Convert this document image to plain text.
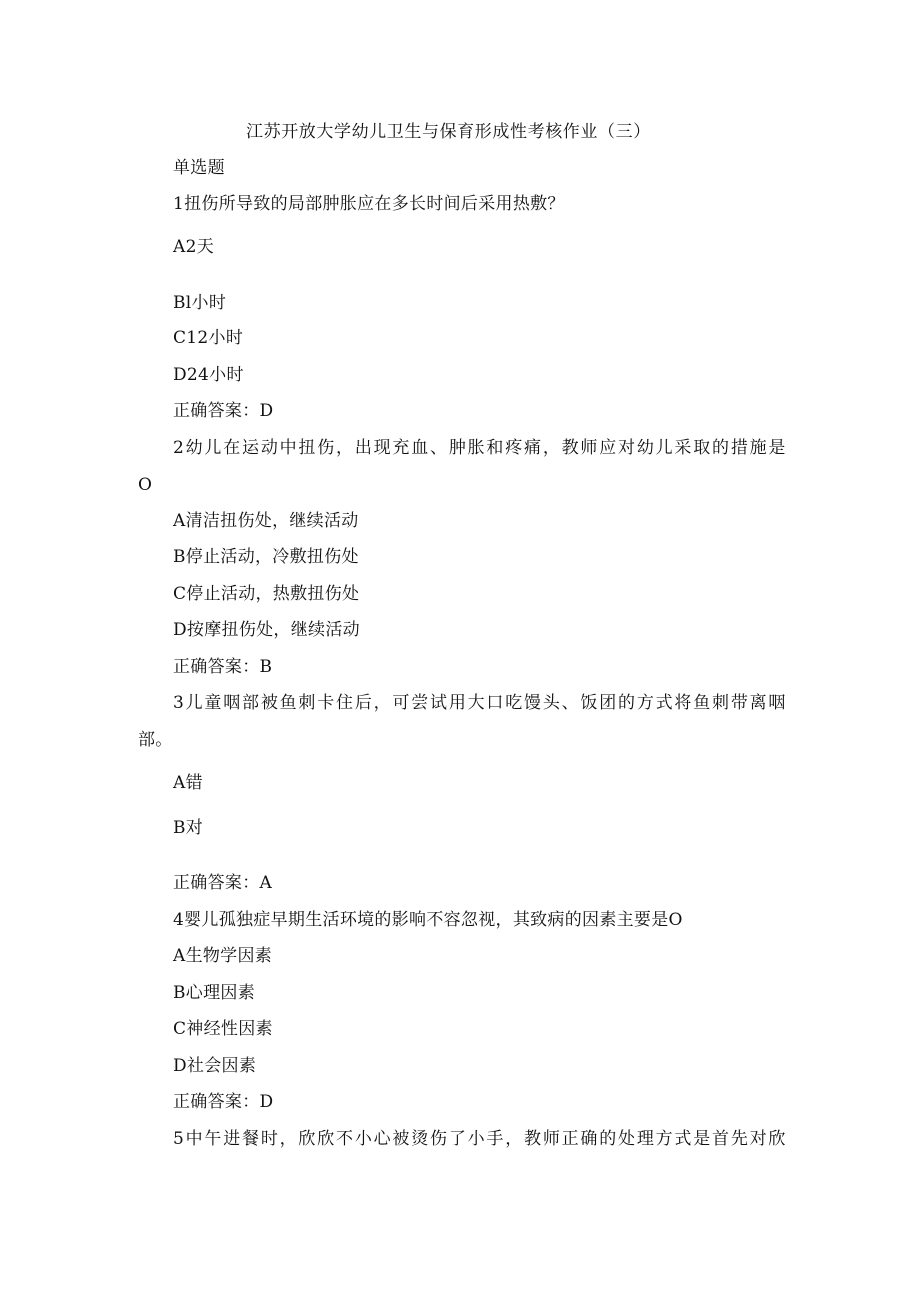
江苏开放大学幼儿卫生与保育形成性考核作业（三）
单选题
1扭伤所导致的局部肿胀应在多长时间后采用热敷？
A2天
Bl小时
C12小时
D24小时
正确答案：D
2幼儿在运动中扭伤，出现充血、肿胀和疼痛，教师应对幼儿采取的措施是
O
A清洁扭伤处，继续活动
B停止活动，冷敷扭伤处
C停止活动，热敷扭伤处
D按摩扭伤处，继续活动
正确答案：B
3儿童咽部被鱼刺卡住后，可尝试用大口吃馒头、饭团的方式将鱼刺带离咽
部。
A错
B对
正确答案：A
4婴儿孤独症早期生活环境的影响不容忽视，其致病的因素主要是O
A生物学因素
B心理因素
C神经性因素
D社会因素
正确答案：D
5中午进餐时，欣欣不小心被烫伤了小手，教师正确的处理方式是首先对欣
